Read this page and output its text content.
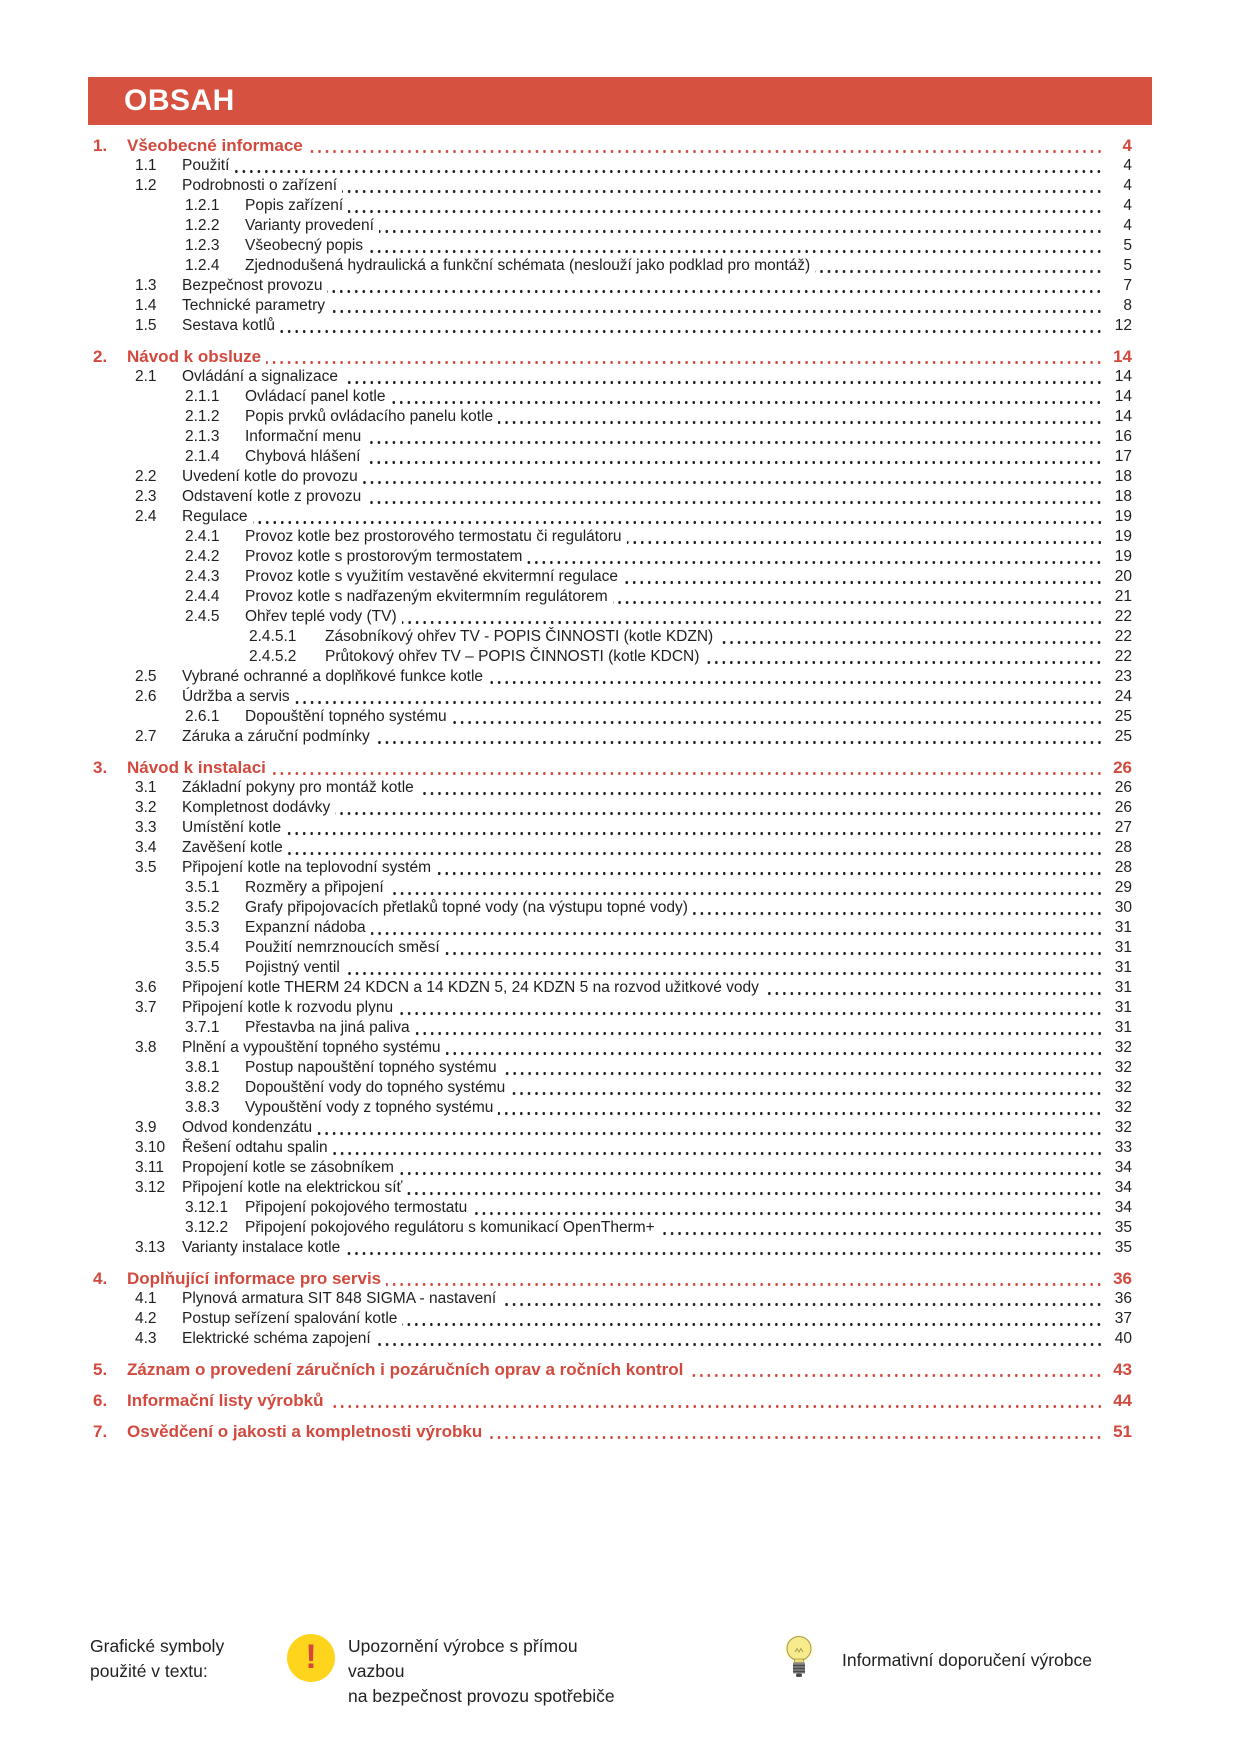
OBSAH
1.	Všeobecné informace	4
1.1	Použití	4
1.2	Podrobnosti o zařízení	4
1.2.1	Popis zařízení	4
1.2.2	Varianty provedení	4
1.2.3	Všeobecný popis	5
1.2.4	Zjednodušená hydraulická a funkční schémata (neslouží jako podklad pro montáž)	5
1.3	Bezpečnost provozu	7
1.4	Technické parametry	8
1.5	Sestava kotlů	12
2.	Návod k obsluze	14
2.1	Ovládání a signalizace	14
2.1.1	Ovládací panel kotle	14
2.1.2	Popis prvků ovládacího panelu kotle	14
2.1.3	Informační menu	16
2.1.4	Chybová hlášení	17
2.2	Uvedení kotle do provozu	18
2.3	Odstavení kotle z provozu	18
2.4	Regulace	19
2.4.1	Provoz kotle bez prostorového termostatu či regulátoru	19
2.4.2	Provoz kotle s prostorovým termostatem	19
2.4.3	Provoz kotle s využitím vestavěné ekvitermní regulace	20
2.4.4	Provoz kotle s nadřazeným ekvitermním regulátorem	21
2.4.5	Ohřev teplé vody (TV)	22
2.4.5.1	Zásobníkový ohřev TV - POPIS ČINNOSTI (kotle KDZN)	22
2.4.5.2	Průtokový ohřev TV – POPIS ČINNOSTI (kotle KDCN)	22
2.5	Vybrané ochranné a doplňkové funkce kotle	23
2.6	Údržba a servis	24
2.6.1	Dopouštění topného systému	25
2.7	Záruka a záruční podmínky	25
3.	Návod k instalaci	26
3.1	Základní pokyny pro montáž kotle	26
3.2	Kompletnost dodávky	26
3.3	Umístění kotle	27
3.4	Zavěšení kotle	28
3.5	Připojení kotle na teplovodní systém	28
3.5.1	Rozměry a připojení	29
3.5.2	Grafy připojovacích přetlaků topné vody (na výstupu topné vody)	30
3.5.3	Expanzní nádoba	31
3.5.4	Použití nemrznoucích směsí	31
3.5.5	Pojistný ventil	31
3.6	Připojení kotle THERM 24 KDCN a 14 KDZN 5, 24 KDZN 5 na rozvod užitkové vody	31
3.7	Připojení kotle k rozvodu plynu	31
3.7.1	Přestavba na jiná paliva	31
3.8	Plnění a vypouštění topného systému	32
3.8.1	Postup napouštění topného systému	32
3.8.2	Dopouštění vody do topného systému	32
3.8.3	Vypouštění vody z topného systému	32
3.9	Odvod kondenzátu	32
3.10	Řešení odtahu spalin	33
3.11	Propojení kotle se zásobníkem	34
3.12	Připojení kotle na elektrickou síť	34
3.12.1	Připojení pokojového termostatu	34
3.12.2	Připojení pokojového regulátoru s komunikací OpenTherm+	35
3.13	Varianty instalace kotle	35
4.	Doplňující informace pro servis	36
4.1	Plynová armatura SIT 848 SIGMA - nastavení	36
4.2	Postup seřízení spalování kotle	37
4.3	Elektrické schéma zapojení	40
5.	Záznam o provedení záručních i pozáručních oprav a ročních kontrol	43
6.	Informační listy výrobků	44
7.	Osvědčení o jakosti a kompletnosti výrobku	51
Grafické symboly
použité v textu:	! Upozornění výrobce s přímou vazbou
na bezpečnost provozu spotřebiče
Informativní doporučení výrobce
